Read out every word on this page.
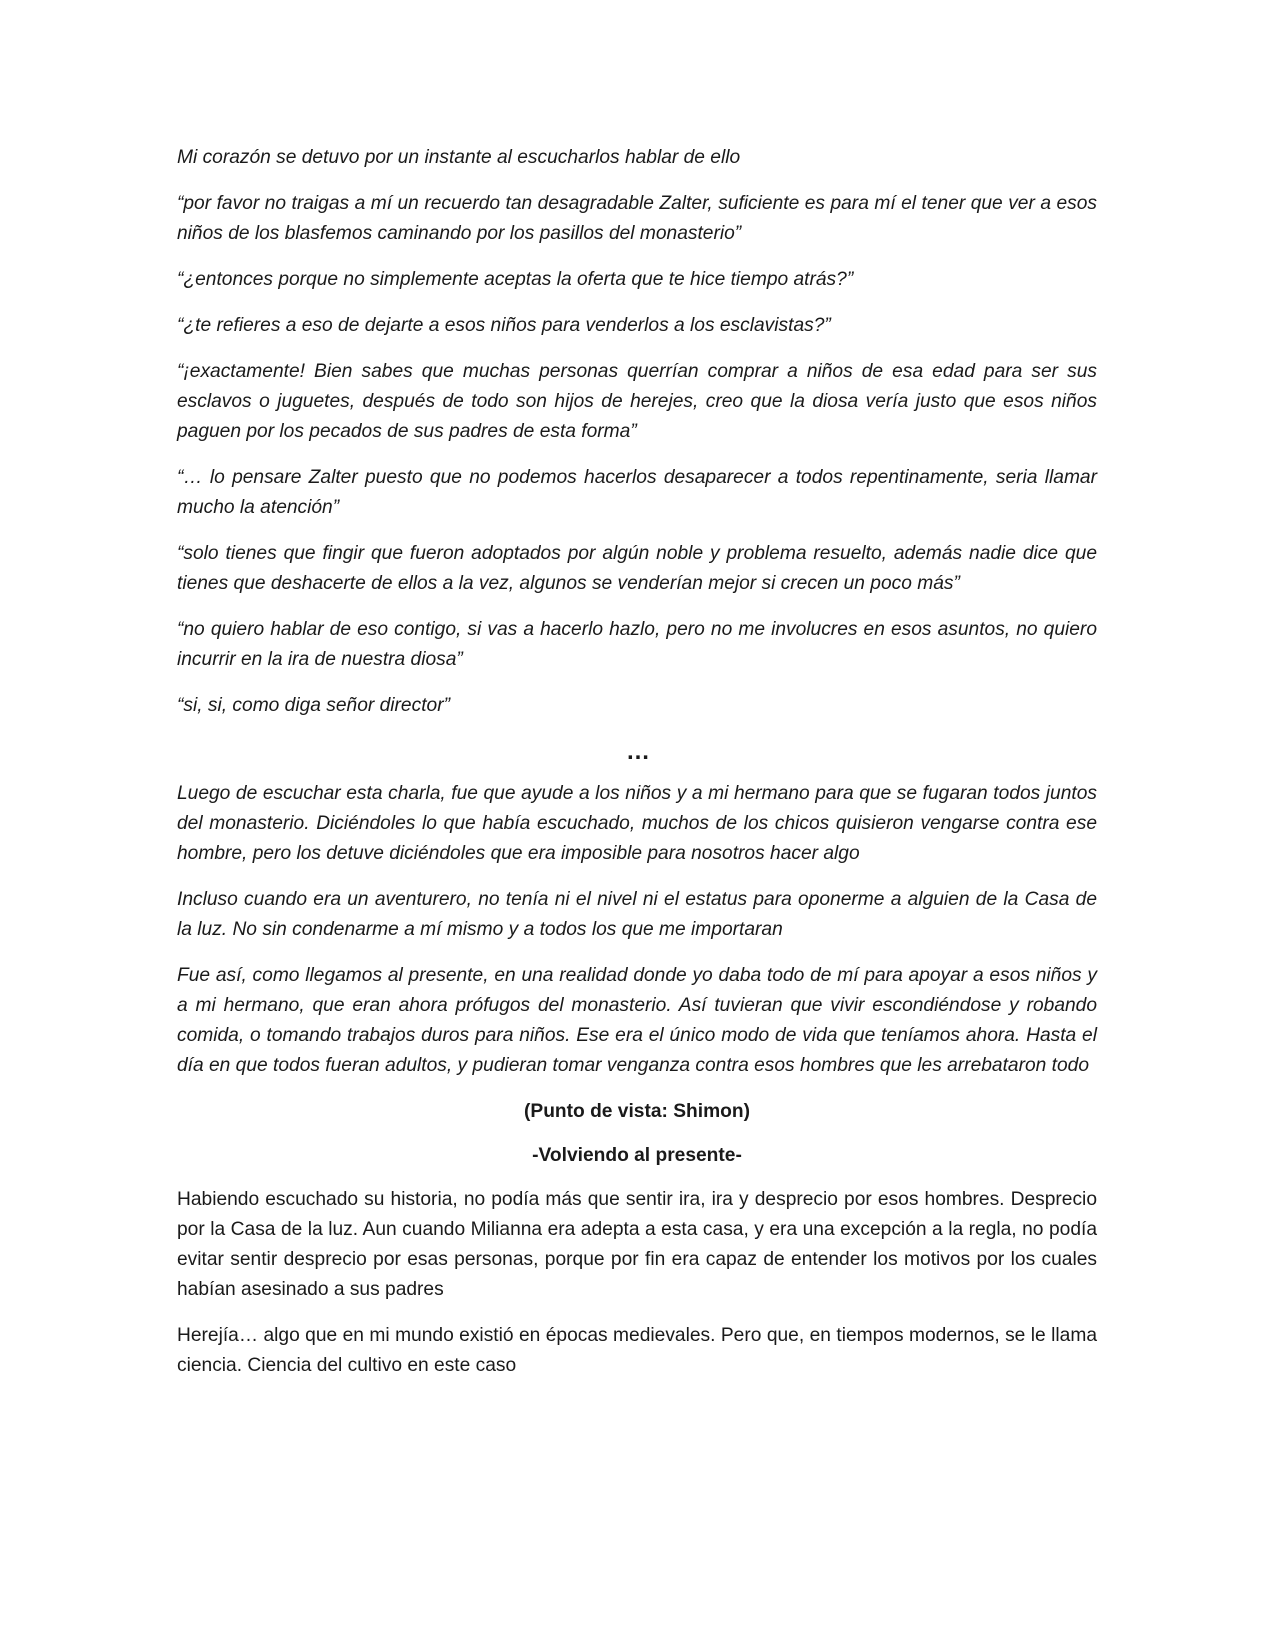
Mi corazón se detuvo por un instante al escucharlos hablar de ello

“por favor no traigas a mí un recuerdo tan desagradable Zalter, suficiente es para mí el tener que ver a esos niños de los blasfemos caminando por los pasillos del monasterio”

“¿entonces porque no simplemente aceptas la oferta que te hice tiempo atrás?”

“¿te refieres a eso de dejarte a esos niños para venderlos a los esclavistas?”

“¡exactamente! Bien sabes que muchas personas querrían comprar a niños de esa edad para ser sus esclavos o juguetes, después de todo son hijos de herejes, creo que la diosa vería justo que esos niños paguen por los pecados de sus padres de esta forma”

“… lo pensare Zalter puesto que no podemos hacerlos desaparecer a todos repentinamente, seria llamar mucho la atención”

“solo tienes que fingir que fueron adoptados por algún noble y problema resuelto, además nadie dice que tienes que deshacerte de ellos a la vez, algunos se venderían mejor si crecen un poco más”

“no quiero hablar de eso contigo, si vas a hacerlo hazlo, pero no me involucres en esos asuntos, no quiero incurrir en la ira de nuestra diosa”

“si, si, como diga señor director”

…

Luego de escuchar esta charla, fue que ayude a los niños y a mi hermano para que se fugaran todos juntos del monasterio. Diciéndoles lo que había escuchado, muchos de los chicos quisieron vengarse contra ese hombre, pero los detuve diciéndoles que era imposible para nosotros hacer algo

Incluso cuando era un aventurero, no tenía ni el nivel ni el estatus para oponerme a alguien de la Casa de la luz. No sin condenarme a mí mismo y a todos los que me importaran

Fue así, como llegamos al presente, en una realidad donde yo daba todo de mí para apoyar a esos niños y a mi hermano, que eran ahora prófugos del monasterio. Así tuvieran que vivir escondiéndose y robando comida, o tomando trabajos duros para niños. Ese era el único modo de vida que teníamos ahora. Hasta el día en que todos fueran adultos, y pudieran tomar venganza contra esos hombres que les arrebataron todo

(Punto de vista: Shimon)
-Volviendo al presente-

Habiendo escuchado su historia, no podía más que sentir ira, ira y desprecio por esos hombres. Desprecio por la Casa de la luz. Aun cuando Milianna era adepta a esta casa, y era una excepción a la regla, no podía evitar sentir desprecio por esas personas, porque por fin era capaz de entender los motivos por los cuales habían asesinado a sus padres

Herejía… algo que en mi mundo existió en épocas medievales. Pero que, en tiempos modernos, se le llama ciencia. Ciencia del cultivo en este caso
